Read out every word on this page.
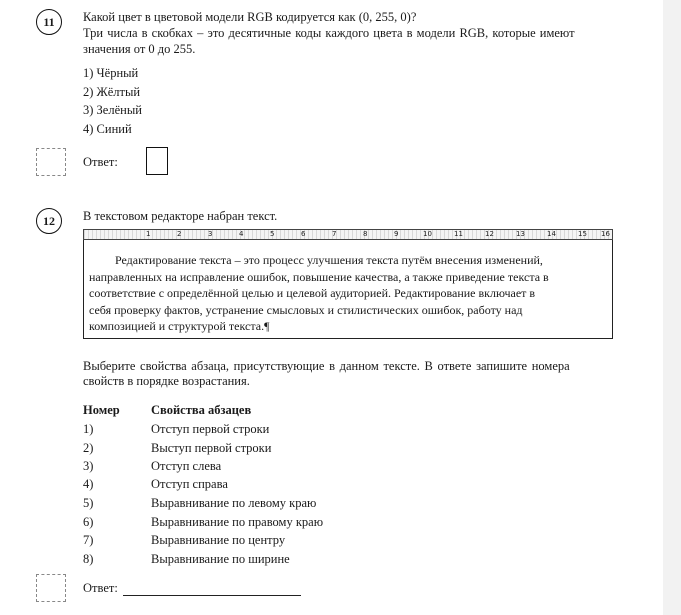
11	Какой цвет в цветовой модели RGB кодируется как (0, 255, 0)?
Три числа в скобках – это десятичные коды каждого цвета в модели RGB, которые имеют
значения от 0 до 255.
1) Чёрный
2) Жёлтый
3) Зелёный
4) Синий
Ответ:
12	В текстовом редакторе набран текст.
1	2	3	4	5	6	7	8	9	10	11	12	13	14	15 16
Редактирование текста – это процесс улучшения текста путём внесения изменений,
направленных на исправление ошибок, повышение качества, а также приведение текста в
соответствие с определённой целью и целевой аудиторией. Редактирование включает в
себя проверку фактов, устранение смысловых и стилистических ошибок, работу над
композицией и структурой текста.¶
Выберите свойства абзаца, присутствующие в данном тексте. В ответе запишите номера
свойств в порядке возрастания.
Номер	Свойства абзацев
1)	Отступ первой строки
2)	Выступ первой строки
3)	Отступ слева
4)	Отступ справа
5)	Выравнивание по левому краю
6)	Выравнивание по правому краю
7)	Выравнивание по центру
8)	Выравнивание по ширине
Ответ:
